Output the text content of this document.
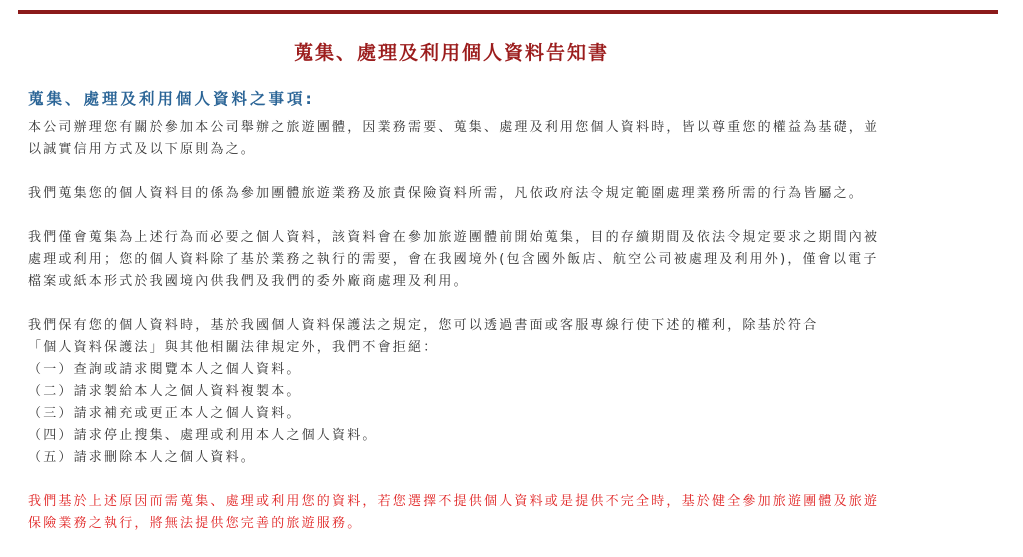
蒐集、處理及利用個人資料告知書
蒐集、處理及利用個人資料之事項:
本公司辦理您有關於參加本公司舉辦之旅遊團體，因業務需要、蒐集、處理及利用您個人資料時，皆以尊重您的權益為基礎，並
以誠實信用方式及以下原則為之。
我們蒐集您的個人資料目的係為參加團體旅遊業務及旅責保險資料所需，凡依政府法令規定範圍處理業務所需的行為皆屬之。
我們僅會蒐集為上述行為而必要之個人資料，該資料會在參加旅遊團體前開始蒐集，目的存續期間及依法令規定要求之期間內被
處理或利用；您的個人資料除了基於業務之執行的需要，會在我國境外(包含國外飯店、航空公司被處理及利用外)，僅會以電子
檔案或紙本形式於我國境內供我們及我們的委外廠商處理及利用。
我們保有您的個人資料時，基於我國個人資料保護法之規定，您可以透過書面或客服專線行使下述的權利，除基於符合
「個人資料保護法」與其他相關法律規定外，我們不會拒絕：
（一）查詢或請求閱覽本人之個人資料。
（二）請求製給本人之個人資料複製本。
（三）請求補充或更正本人之個人資料。
（四）請求停止搜集、處理或利用本人之個人資料。
（五）請求刪除本人之個人資料。
我們基於上述原因而需蒐集、處理或利用您的資料，若您選擇不提供個人資料或是提供不完全時，基於健全參加旅遊團體及旅遊
保險業務之執行，將無法提供您完善的旅遊服務。
